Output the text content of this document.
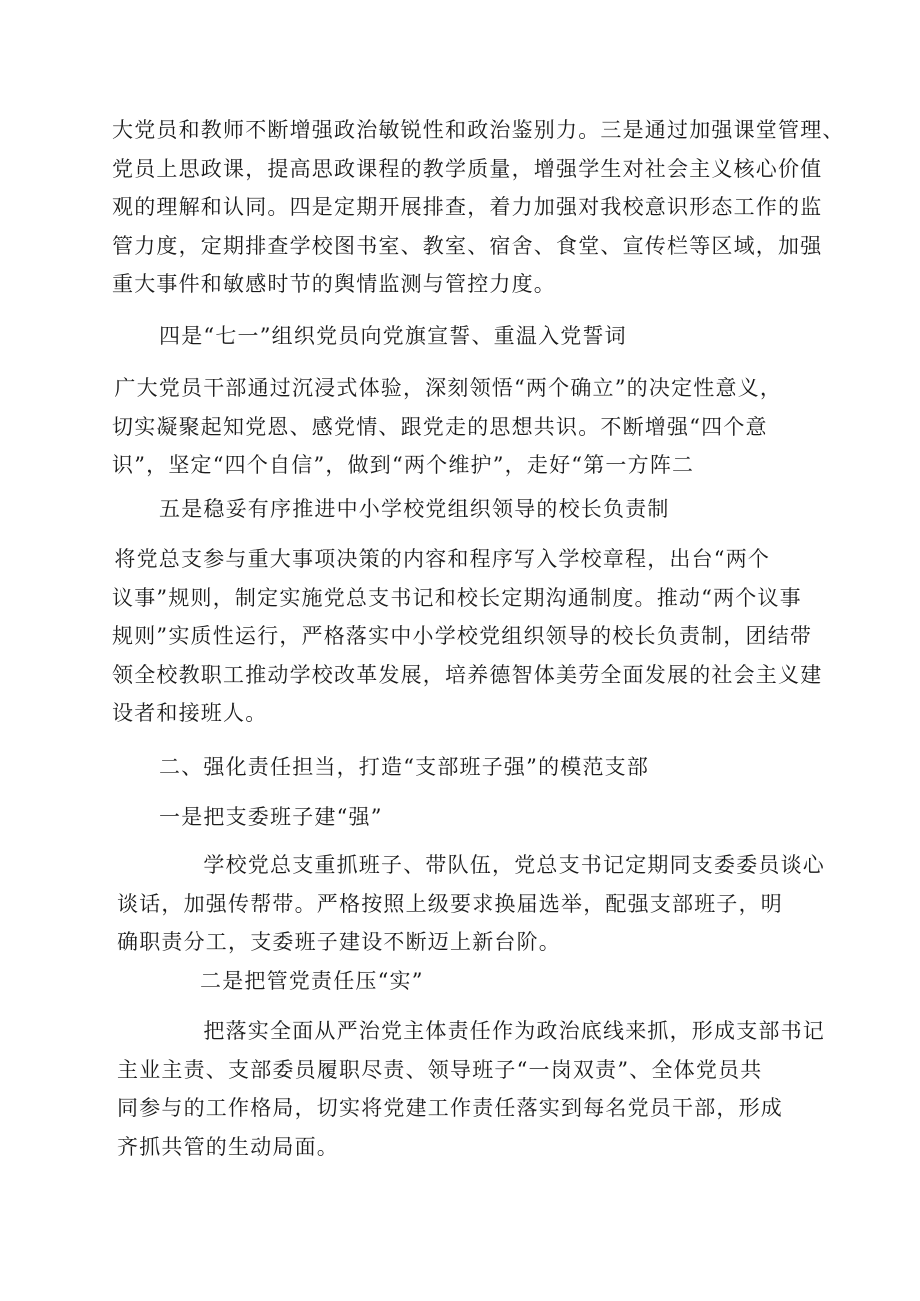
大党员和教师不断增强政治敏锐性和政治鉴别力。三是通过加强课堂管理、
党员上思政课，提高思政课程的教学质量，增强学生对社会主义核心价值
观的理解和认同。四是定期开展排查，着力加强对我校意识形态工作的监
管力度，定期排查学校图书室、教室、宿舍、食堂、宣传栏等区域，加强
重大事件和敏感时节的舆情监测与管控力度。
四是“七一”组织党员向党旗宣誓、重温入党誓词
　　广大党员干部通过沉浸式体验，深刻领悟“两个确立”的决定性意义，
切实凝聚起知党恩、感党情、跟党走的思想共识。不断增强“四个意
识”，坚定“四个自信”，做到“两个维护”，走好“第一方阵二
五是稳妥有序推进中小学校党组织领导的校长负责制
　　将党总支参与重大事项决策的内容和程序写入学校章程，出台“两个
议事”规则，制定实施党总支书记和校长定期沟通制度。推动“两个议事
规则”实质性运行，严格落实中小学校党组织领导的校长负责制，团结带
领全校教职工推动学校改革发展，培养德智体美劳全面发展的社会主义建
设者和接班人。
二、强化责任担当，打造“支部班子强”的模范支部
一是把支委班子建“强”
　　学校党总支重抓班子、带队伍，党总支书记定期同支委委员谈心
谈话，加强传帮带。严格按照上级要求换届选举，配强支部班子，明
确职责分工，支委班子建设不断迈上新台阶。
二是把管党责任压“实”
　　把落实全面从严治党主体责任作为政治底线来抓，形成支部书记
主业主责、支部委员履职尽责、领导班子“一岗双责”、全体党员共
同参与的工作格局，切实将党建工作责任落实到每名党员干部，形成
齐抓共管的生动局面。
